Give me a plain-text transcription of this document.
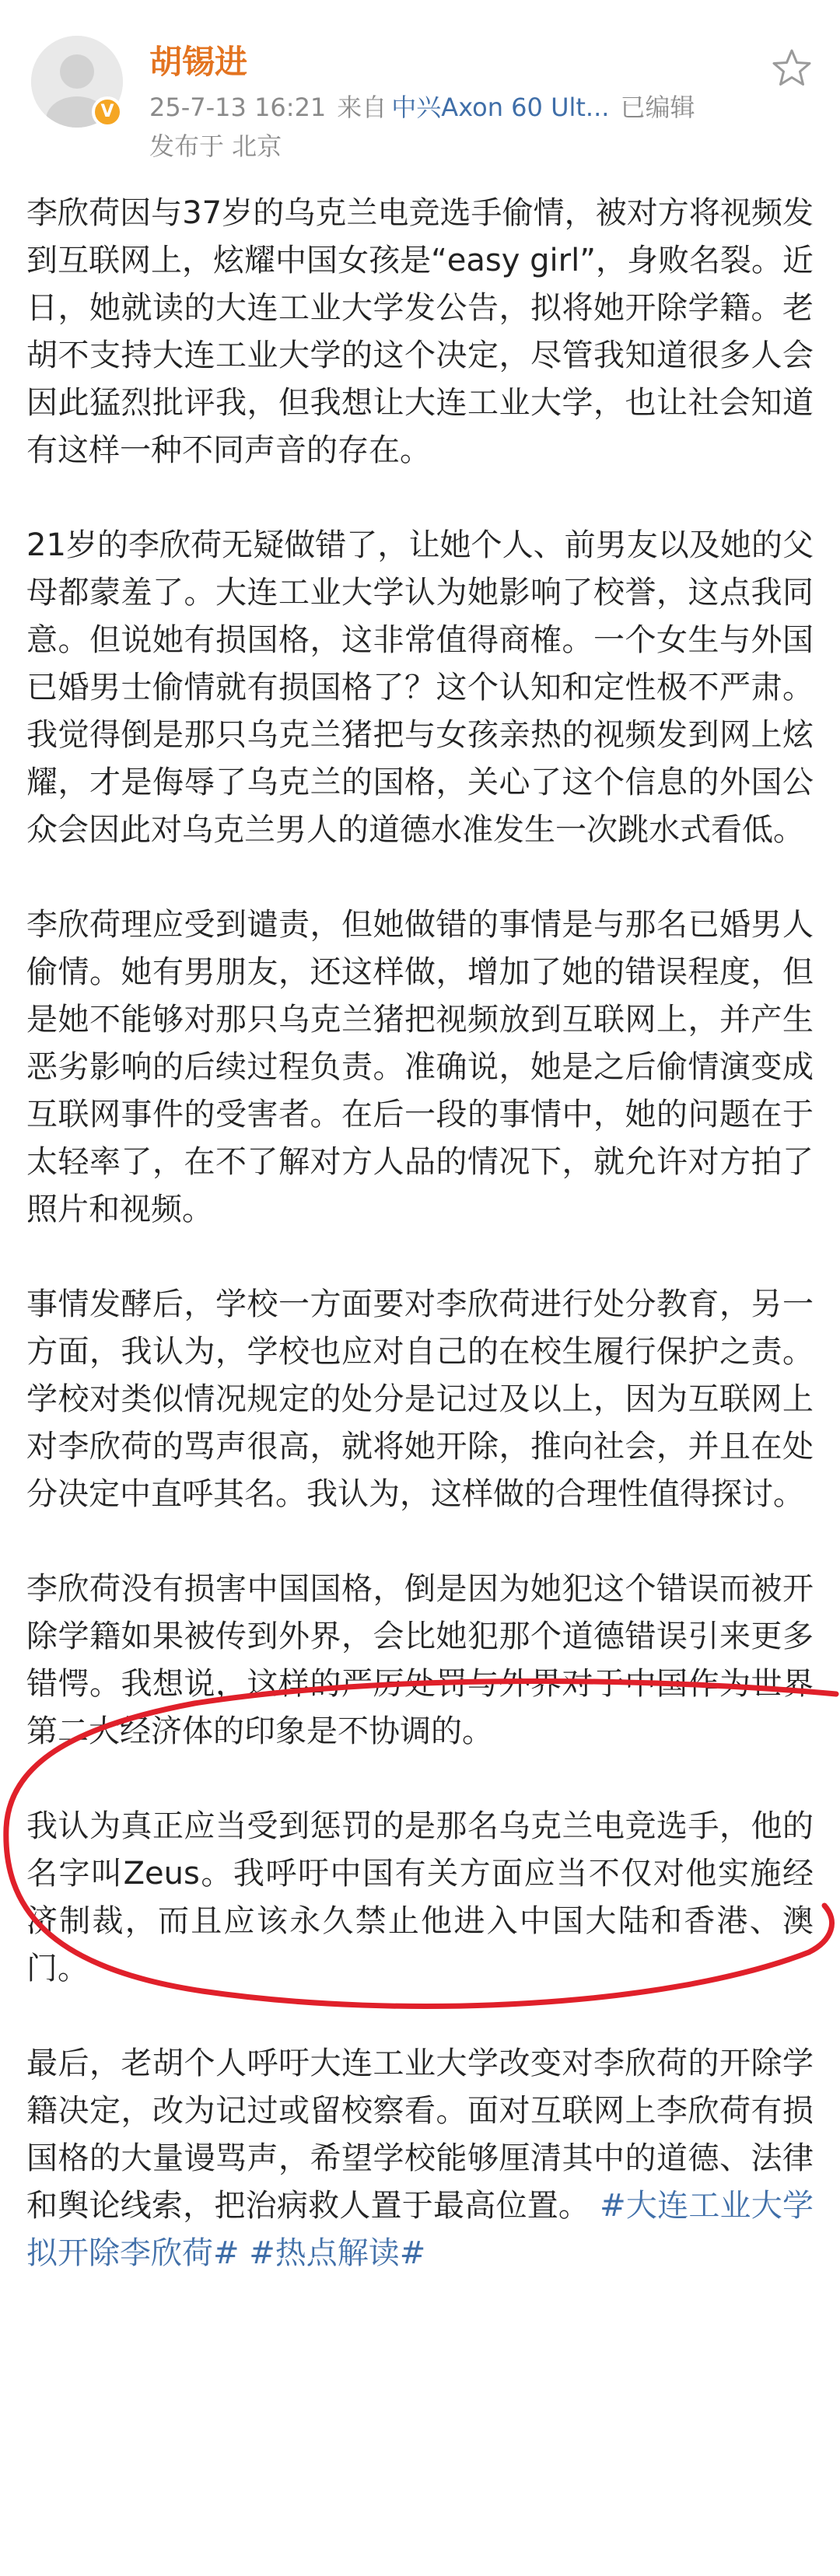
V
胡锡进
25-7-13 16:21 来自 中兴Axon 60 Ult... 已编辑
发布于 北京

李欣荷因与37岁的乌克兰电竞选手偷情，被对方将视频发到互联网上，炫耀中国女孩是“easy girl”，身败名裂。近日，她就读的大连工业大学发公告，拟将她开除学籍。老胡不支持大连工业大学的这个决定，尽管我知道很多人会因此猛烈批评我，但我想让大连工业大学，也让社会知道有这样一种不同声音的存在。

21岁的李欣荷无疑做错了，让她个人、前男友以及她的父母都蒙羞了。大连工业大学认为她影响了校誉，这点我同意。但说她有损国格，这非常值得商榷。一个女生与外国已婚男士偷情就有损国格了？这个认知和定性极不严肃。我觉得倒是那只乌克兰猪把与女孩亲热的视频发到网上炫耀，才是侮辱了乌克兰的国格，关心了这个信息的外国公众会因此对乌克兰男人的道德水准发生一次跳水式看低。

李欣荷理应受到谴责，但她做错的事情是与那名已婚男人偷情。她有男朋友，还这样做，增加了她的错误程度，但是她不能够对那只乌克兰猪把视频放到互联网上，并产生恶劣影响的后续过程负责。准确说，她是之后偷情演变成互联网事件的受害者。在后一段的事情中，她的问题在于太轻率了，在不了解对方人品的情况下，就允许对方拍了照片和视频。

事情发酵后，学校一方面要对李欣荷进行处分教育，另一方面，我认为，学校也应对自己的在校生履行保护之责。学校对类似情况规定的处分是记过及以上，因为互联网上对李欣荷的骂声很高，就将她开除，推向社会，并且在处分决定中直呼其名。我认为，这样做的合理性值得探讨。

李欣荷没有损害中国国格，倒是因为她犯这个错误而被开除学籍如果被传到外界，会比她犯那个道德错误引来更多错愕。我想说，这样的严厉处罚与外界对于中国作为世界第二大经济体的印象是不协调的。

我认为真正应当受到惩罚的是那名乌克兰电竞选手，他的名字叫Zeus。我呼吁中国有关方面应当不仅对他实施经济制裁，而且应该永久禁止他进入中国大陆和香港、澳门。

最后，老胡个人呼吁大连工业大学改变对李欣荷的开除学籍决定，改为记过或留校察看。面对互联网上李欣荷有损国格的大量谩骂声，希望学校能够厘清其中的道德、法律和舆论线索，把治病救人置于最高位置。 #大连工业大学拟开除李欣荷# #热点解读#
